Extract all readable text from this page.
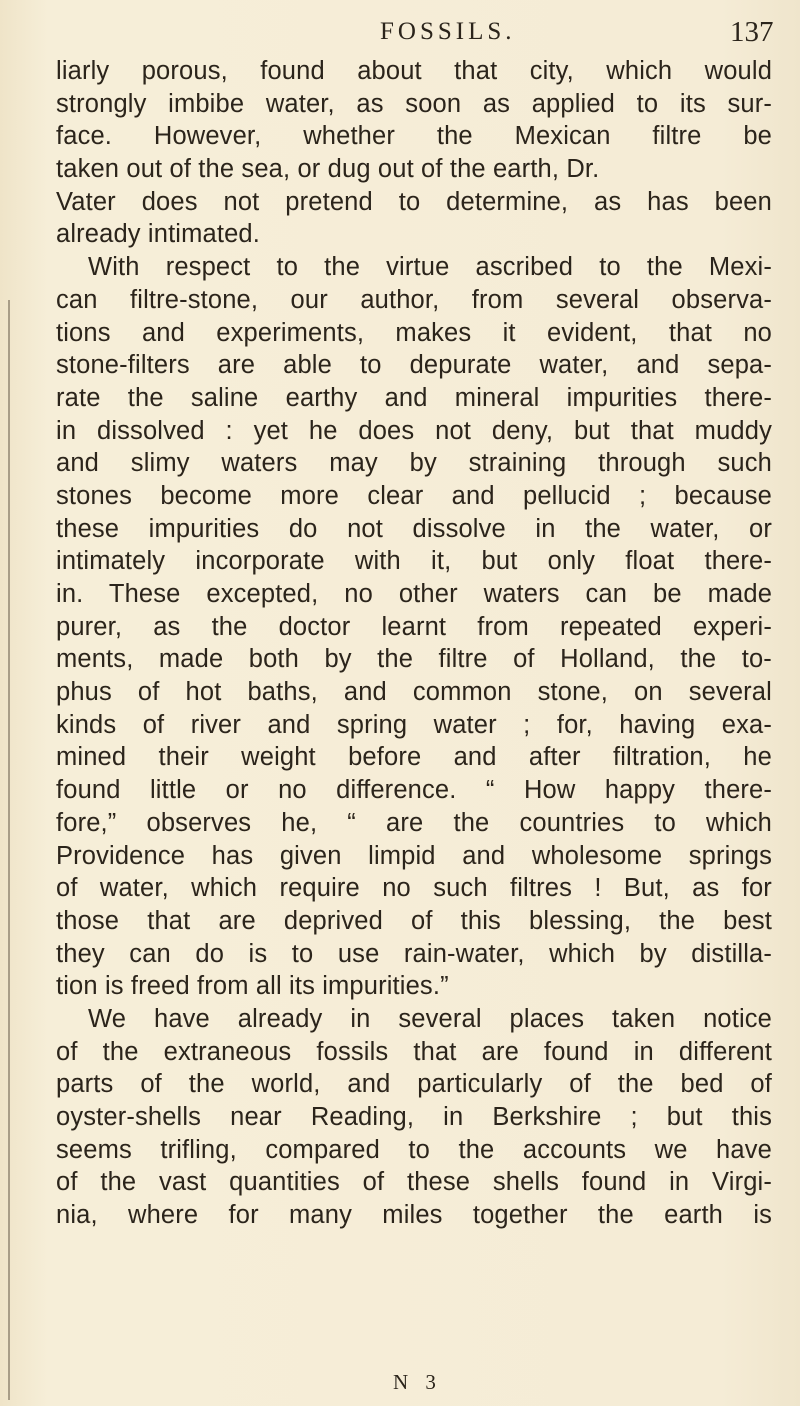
FOSSILS.	137
liarly porous, found about that city, which would
strongly imbibe water, as soon as applied to its sur-
face. However, whether the Mexican filtre be
taken out of the sea, or dug out of the earth, Dr.
Vater does not pretend to determine, as has been
already intimated.
With respect to the virtue ascribed to the Mexi-
can filtre-stone, our author, from several observa-
tions and experiments, makes it evident, that no
stone-filters are able to depurate water, and sepa-
rate the saline earthy and mineral impurities there-
in dissolved : yet he does not deny, but that muddy
and slimy waters may by straining through such
stones become more clear and pellucid ; because
these impurities do not dissolve in the water, or
intimately incorporate with it, but only float there-
in. These excepted, no other waters can be made
purer, as the doctor learnt from repeated experi-
ments, made both by the filtre of Holland, the to-
phus of hot baths, and common stone, on several
kinds of river and spring water ; for, having exa-
mined their weight before and after filtration, he
found little or no difference. “ How happy there-
fore,” observes he, “ are the countries to which
Providence has given limpid and wholesome springs
of water, which require no such filtres ! But, as for
those that are deprived of this blessing, the best
they can do is to use rain-water, which by distilla-
tion is freed from all its impurities.”
We have already in several places taken notice
of the extraneous fossils that are found in different
parts of the world, and particularly of the bed of
oyster-shells near Reading, in Berkshire ; but this
seems trifling, compared to the accounts we have
of the vast quantities of these shells found in Virgi-
nia, where for many miles together the earth is
N 3
